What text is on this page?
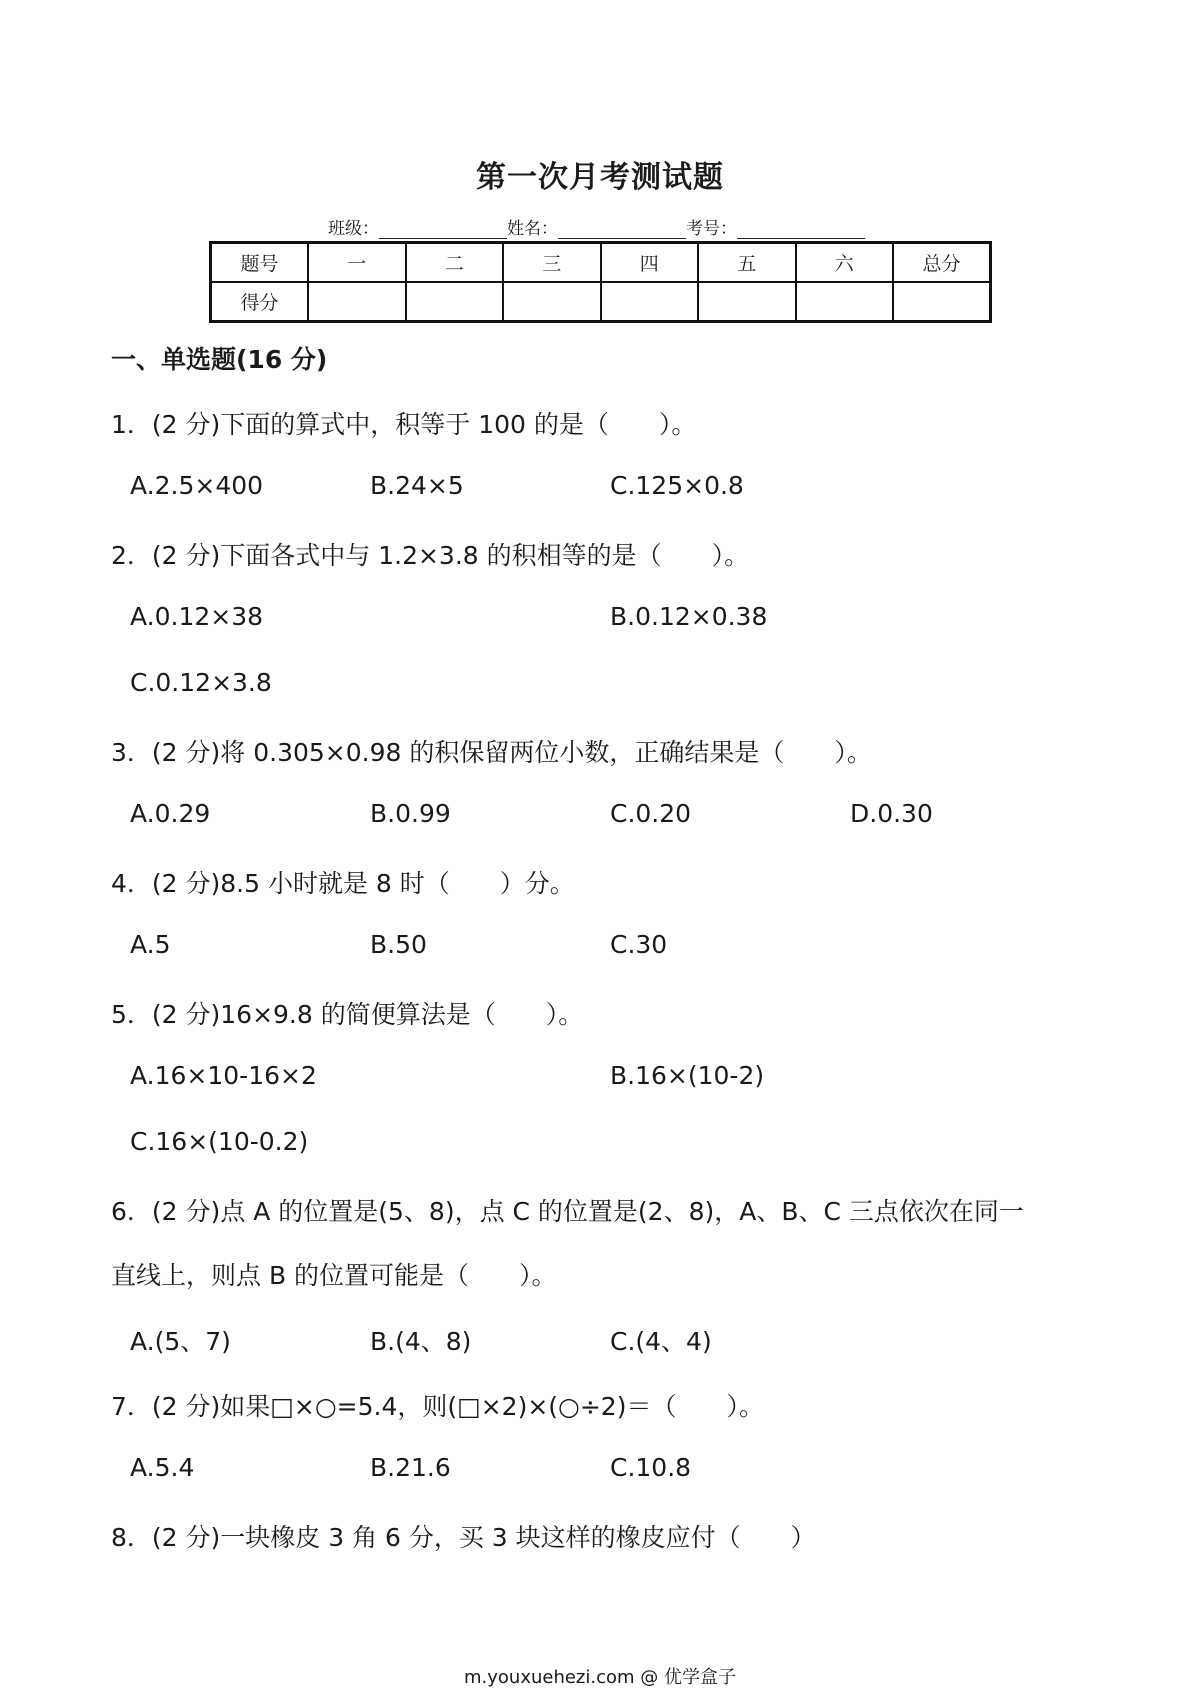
第一次月考测试题
班级：	姓名：	考号：
题号	一	二	三	四	五	六	总分
得分							
一、单选题(16 分)
1．(2 分)下面的算式中，积等于 100 的是（　　）。
A.2.5×400	B.24×5	C.125×0.8
2．(2 分)下面各式中与 1.2×3.8 的积相等的是（　　）。
A.0.12×38	B.0.12×0.38
C.0.12×3.8
3．(2 分)将 0.305×0.98 的积保留两位小数，正确结果是（　　）。
A.0.29	B.0.99	C.0.20	D.0.30
4．(2 分)8.5 小时就是 8 时（　　）分。
A.5	B.50	C.30
5．(2 分)16×9.8 的简便算法是（　　）。
A.16×10-16×2	B.16×(10-2)
C.16×(10-0.2)
6．(2 分)点 A 的位置是(5、8)，点 C 的位置是(2、8)，A、B、C 三点依次在同一
直线上，则点 B 的位置可能是（　　）。
A.(5、7)	B.(4、8)	C.(4、4)
7．(2 分)如果□×○=5.4，则(□×2)×(○÷2)＝（　　）。
A.5.4	B.21.6	C.10.8
8．(2 分)一块橡皮 3 角 6 分，买 3 块这样的橡皮应付（　　）
m.youxuehezi.com @ 优学盒子
